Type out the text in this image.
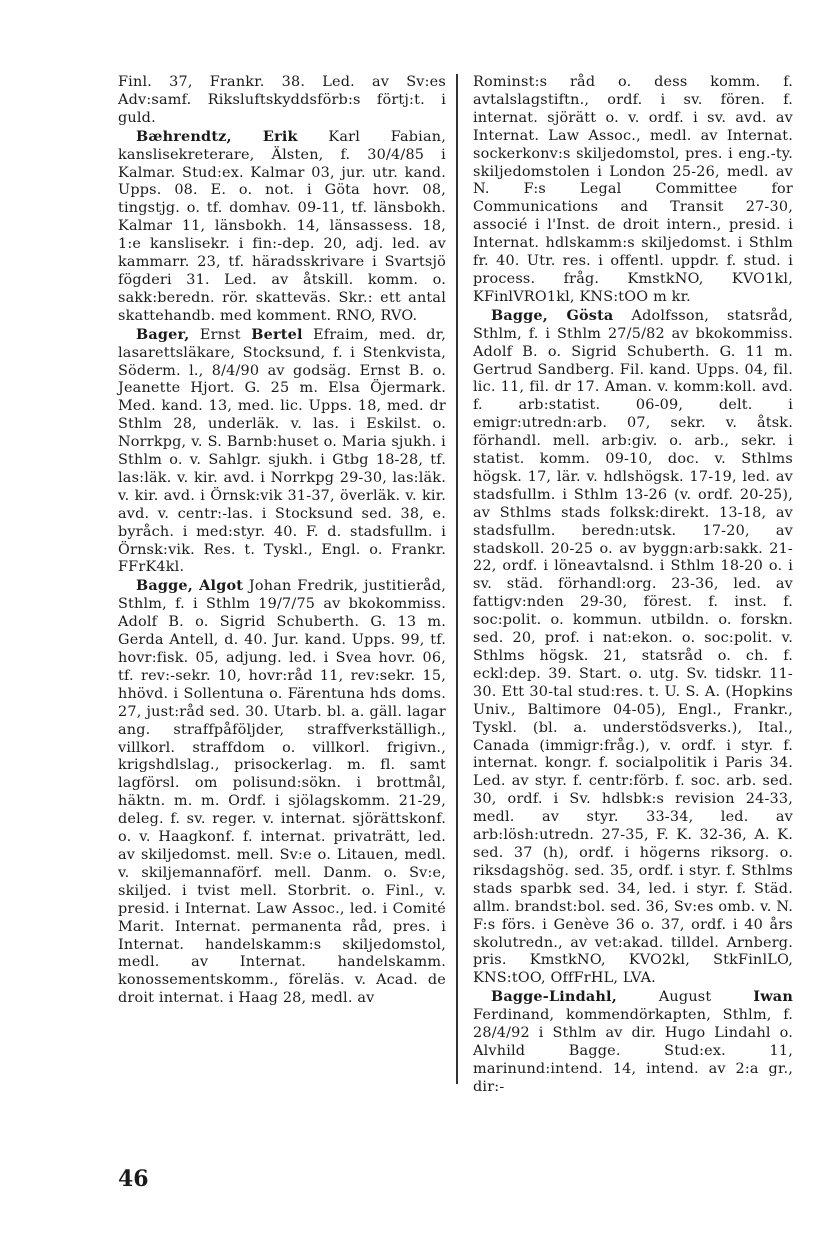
Finl. 37, Frankr. 38. Led. av Sv:es Adv:samf. Riksluftskyddsförb:s förtj:t. i guld.

Bæhrendtz, Erik Karl Fabian, kanslisekreterare, Älsten, f. 30/4/85 i Kalmar. Stud:ex. Kalmar 03, jur. utr. kand. Upps. 08. E. o. not. i Göta hovr. 08, tingstjg. o. tf. domhav. 09-11, tf. länsbokh. Kalmar 11, länsbokh. 14, länsassess. 18, 1:e kanslisekr. i fin:-dep. 20, adj. led. av kammarr. 23, tf. häradsskrivare i Svartsjö fögderi 31. Led. av åtskill. komm. o. sakk:beredn. rör. skatteväs. Skr.: ett antal skattehandb. med komment. RNO, RVO.

Bager, Ernst Bertel Efraim, med. dr, lasarettsläkare, Stocksund, f. i Stenkvista, Söderm. l., 8/4/90 av godsäg. Ernst B. o. Jeanette Hjort. G. 25 m. Elsa Öjermark. Med. kand. 13, med. lic. Upps. 18, med. dr Sthlm 28, underläk. v. las. i Eskilst. o. Norrkpg, v. S. Barnb:huset o. Maria sjukh. i Sthlm o. v. Sahlgr. sjukh. i Gtbg 18-28, tf. las:läk. v. kir. avd. i Norrkpg 29-30, las:läk. v. kir. avd. i Örnsk:vik 31-37, överläk. v. kir. avd. v. centr:-las. i Stocksund sed. 38, e. byråch. i med:styr. 40. F. d. stadsfullm. i Örnsk:vik. Res. t. Tyskl., Engl. o. Frankr. FFrK4kl.

Bagge, Algot Johan Fredrik, justitieråd, Sthlm, f. i Sthlm 19/7/75 av bkokommiss. Adolf B. o. Sigrid Schuberth. G. 13 m. Gerda Antell, d. 40. Jur. kand. Upps. 99, tf. hovr:fisk. 05, adjung. led. i Svea hovr. 06, tf. rev:-sekr. 10, hovr:råd 11, rev:sekr. 15, hhövd. i Sollentuna o. Färentuna hds doms. 27, just:råd sed. 30. Utarb. bl. a. gäll. lagar ang. straffpåföljder, straffverkställigh., villkorl. straffdom o. villkorl. frigivn., krigshdlslag., prisockerlag. m. fl. samt lagförsl. om polisund:sökn. i brottmål, häktn. m. m. Ordf. i sjölagskomm. 21-29, deleg. f. sv. reger. v. internat. sjörättskonf. o. v. Haagkonf. f. internat. privaträtt, led. av skiljedomst. mell. Sv:e o. Litauen, medl. v. skiljemannaförf. mell. Danm. o. Sv:e, skiljed. i tvist mell. Storbrit. o. Finl., v. presid. i Internat. Law Assoc., led. i Comité Marit. Internat. permanenta råd, pres. i Internat. handelskamm:s skiljedomstol, medl. av Internat. handelskamm. konossementskomm., föreläs. v. Acad. de droit internat. i Haag 28, medl. av

Rominst:s råd o. dess komm. f. avtalslagstiftn., ordf. i sv. fören. f. internat. sjörätt o. v. ordf. i sv. avd. av Internat. Law Assoc., medl. av Internat. sockerkonv:s skiljedomstol, pres. i eng.-ty. skiljedomstolen i London 25-26, medl. av N. F:s Legal Committee for Communications and Transit 27-30, associé i l'Inst. de droit intern., presid. i Internat. hdlskamm:s skiljedomst. i Sthlm fr. 40. Utr. res. i offentl. uppdr. f. stud. i process. fråg. KmstkNO, KVO1kl, KFinlVRO1kl, KNS:tOO m kr.

Bagge, Gösta Adolfsson, statsråd, Sthlm, f. i Sthlm 27/5/82 av bkokommiss. Adolf B. o. Sigrid Schuberth. G. 11 m. Gertrud Sandberg. Fil. kand. Upps. 04, fil. lic. 11, fil. dr 17. Aman. v. komm:koll. avd. f. arb:statist. 06-09, delt. i emigr:utredn:arb. 07, sekr. v. åtsk. förhandl. mell. arb:giv. o. arb., sekr. i statist. komm. 09-10, doc. v. Sthlms högsk. 17, lär. v. hdlshögsk. 17-19, led. av stadsfullm. i Sthlm 13-26 (v. ordf. 20-25), av Sthlms stads folksk:direkt. 13-18, av stadsfullm. beredn:utsk. 17-20, av stadskoll. 20-25 o. av byggn:arb:sakk. 21-22, ordf. i löneavtalsnd. i Sthlm 18-20 o. i sv. städ. förhandl:org. 23-36, led. av fattigv:nden 29-30, förest. f. inst. f. soc:polit. o. kommun. utbildn. o. forskn. sed. 20, prof. i nat:ekon. o. soc:polit. v. Sthlms högsk. 21, statsråd o. ch. f. eckl:dep. 39. Start. o. utg. Sv. tidskr. 11-30. Ett 30-tal stud:res. t. U. S. A. (Hopkins Univ., Baltimore 04-05), Engl., Frankr., Tyskl. (bl. a. understödsverks.), Ital., Canada (immigr:fråg.), v. ordf. i styr. f. internat. kongr. f. socialpolitik i Paris 34. Led. av styr. f. centr:förb. f. soc. arb. sed. 30, ordf. i Sv. hdlsbk:s revision 24-33, medl. av styr. 33-34, led. av arb:lösh:utredn. 27-35, F. K. 32-36, A. K. sed. 37 (h), ordf. i högerns riksorg. o. riksdagshög. sed. 35, ordf. i styr. f. Sthlms stads sparbk sed. 34, led. i styr. f. Städ. allm. brandst:bol. sed. 36, Sv:es omb. v. N. F:s förs. i Genève 36 o. 37, ordf. i 40 års skolutredn., av vet:akad. tilldel. Arnberg. pris. KmstkNO, KVO2kl, StkFinlLO, KNS:tOO, OffFrHL, LVA.

Bagge-Lindahl, August Iwan Ferdinand, kommendörkapten, Sthlm, f. 28/4/92 i Sthlm av dir. Hugo Lindahl o. Alvhild Bagge. Stud:ex. 11, marinund:intend. 14, intend. av 2:a gr., dir:-

46
